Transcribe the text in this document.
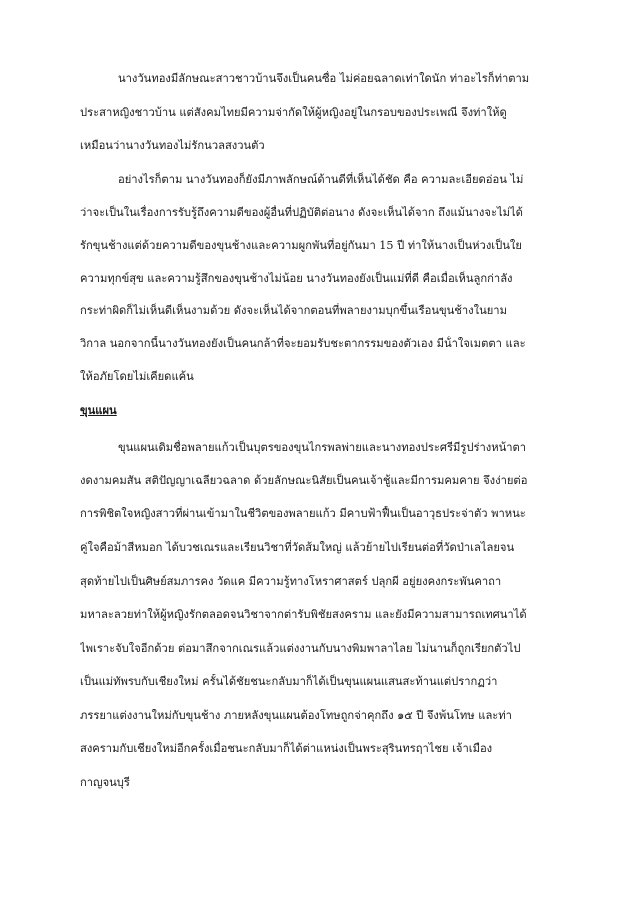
นางวันทองมีลักษณะสาวชาวบ้านจึงเป็นคนซื่อ ไม่ค่อยฉลาดเท่าใดนัก ท่าอะไรก็ท่าตาม
ประสาหญิงชาวบ้าน แต่สังคมไทยมีความจ่ากัดให้ผู้หญิงอยู่ในกรอบของประเพณี จึงท่าให้ดู
เหมือนว่านางวันทองไม่รักนวลสงวนตัว
อย่างไรก็ตาม นางวันทองก็ยังมีภาพลักษณ์ด้านดีที่เห็นได้ชัด คือ ความละเอียดอ่อน ไม่
ว่าจะเป็นในเรื่องการรับรู้ถึงความดีของผู้อื่นที่ปฏิบัติต่อนาง ดังจะเห็นได้จาก ถึงแม้นางจะไม่ได้
รักขุนช้างแต่ด้วยความดีของขุนช้างและความผูกพันที่อยู่กันมา 15 ปี ท่าให้นางเป็นห่วงเป็นใย
ความทุกข์สุข และความรู้สึกของขุนช้างไม่น้อย นางวันทองยังเป็นแม่ที่ดี คือเมื่อเห็นลูกก่าลัง
กระท่าผิดก็ไม่เห็นดีเห็นงามด้วย ดังจะเห็นได้จากตอนที่พลายงามบุกขึ้นเรือนขุนช้างในยาม
วิกาล นอกจากนี้นางวันทองยังเป็นคนกล้าที่จะยอมรับชะตากรรมของตัวเอง มีน้่าใจเมตตา และ
ให้อภัยโดยไม่เคียดแค้น
ขุนแผน
ขุนแผนเดิมชื่อพลายแก้วเป็นบุตรของขุนไกรพลพ่ายและนางทองประศรีมีรูปร่างหน้าตา
งดงามคมสัน สติปัญญาเฉลียวฉลาด ด้วยลักษณะนิสัยเป็นคนเจ้าชู้และมีการมคมคาย จึงง่ายต่อ
การพิชิตใจหญิงสาวที่ผ่านเข้ามาในชีวิตของพลายแก้ว มีคาบฟ้าฟื้นเป็นอาวุธประจ่าตัว พาหนะ
คู่ใจคือม้าสีหมอก ได้บวชเณรและเรียนวิชาที่วัดส้มใหญ่ แล้วย้ายไปเรียนต่อที่วัดป่าเลไลยจน
สุดท้ายไปเป็นศิษย์สมภารคง วัดแค มีความรู้ทางโหราศาสตร์ ปลุกผี อยู่ยงคงกระพันคาถา
มหาละลวยท่าให้ผู้หญิงรักตลอดจนวิชาจากต่ารับพิชัยสงคราม และยังมีความสามารถเทศนาได้
ไพเราะจับใจอีกด้วย ต่อมาสึกจากเณรแล้วแต่งงานกับนางพิมพาลาไลย ไม่นานก็ถูกเรียกตัวไป
เป็นแม่ทัพรบกับเชียงใหม่ ครั้นได้ชัยชนะกลับมาก็ได้เป็นขุนแผนแสนสะท้านแต่ปรากฏว่า
ภรรยาแต่งงานใหม่กับขุนช้าง ภายหลังขุนแผนต้องโทษถูกจ่าคุกถึง ๑๕ ปี จึงพ้นโทษ และท่า
สงครามกับเชียงใหม่อีกครั้งเมื่อชนะกลับมาก็ได้ต่าแหน่งเป็นพระสุรินทรฤาไชย เจ้าเมือง
กาญจนบุรี
